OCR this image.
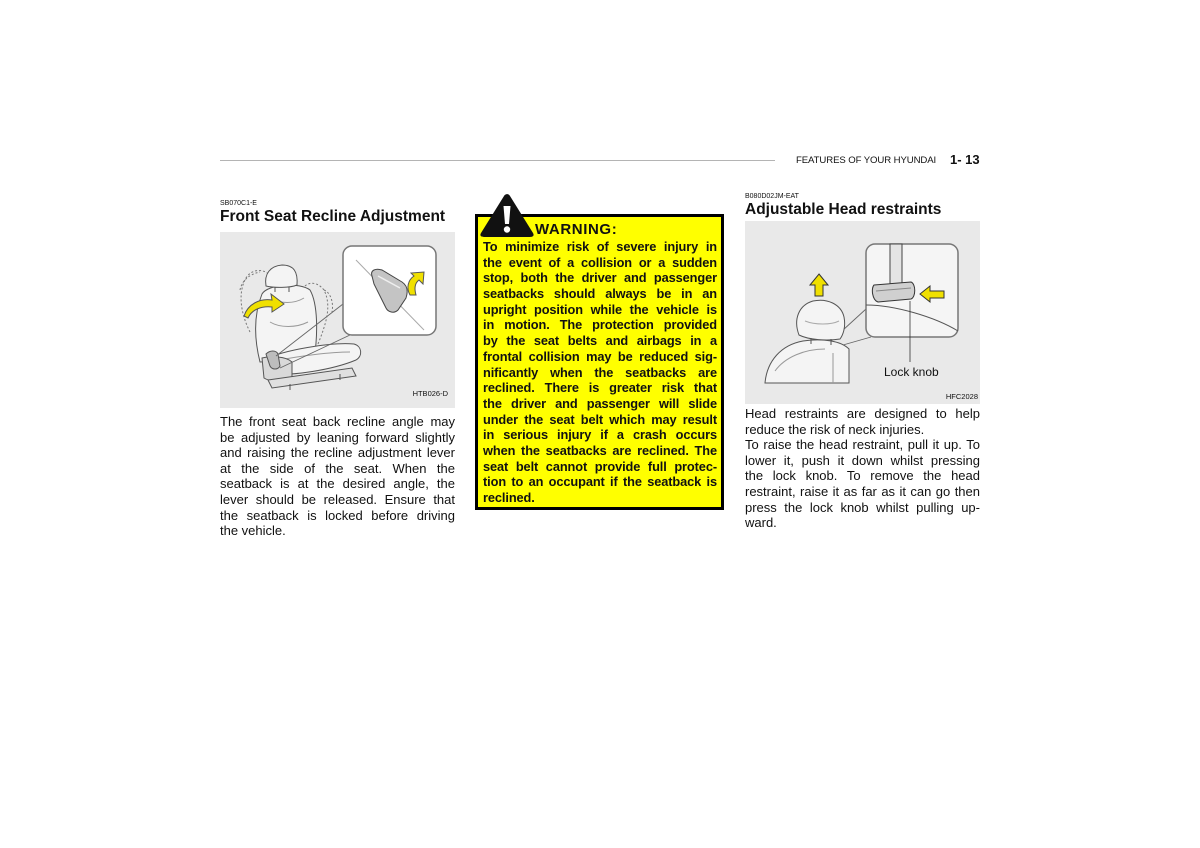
FEATURES OF YOUR HYUNDAI 1- 13
SB070C1-E
Front Seat Recline Adjustment
HTB026-D
The front seat back recline angle may
be adjusted by leaning forward slightly
and raising the recline adjustment lever
at the side of the seat. When the
seatback is at the desired angle, the
lever should be released. Ensure that
the seatback is locked before driving
the vehicle.
WARNING:
To minimize risk of severe injury in
the event of a collision or a sudden
stop, both the driver and passenger
seatbacks should always be in an
upright position while the vehicle is
in motion. The protection provided
by the seat belts and airbags in a
frontal collision may be reduced sig-
nificantly when the seatbacks are
reclined. There is greater risk that
the driver and passenger will slide
under the seat belt which may result
in serious injury if a crash occurs
when the seatbacks are reclined. The
seat belt cannot provide full protec-
tion to an occupant if the seatback is
reclined.
B080D02JM-EAT
Adjustable Head restraints
Lock knob
HFC2028
Head restraints are designed to help
reduce the risk of neck injuries.
To raise the head restraint, pull it up. To
lower it, push it down whilst pressing
the lock knob. To remove the head
restraint, raise it as far as it can go then
press the lock knob whilst pulling up-
ward.
